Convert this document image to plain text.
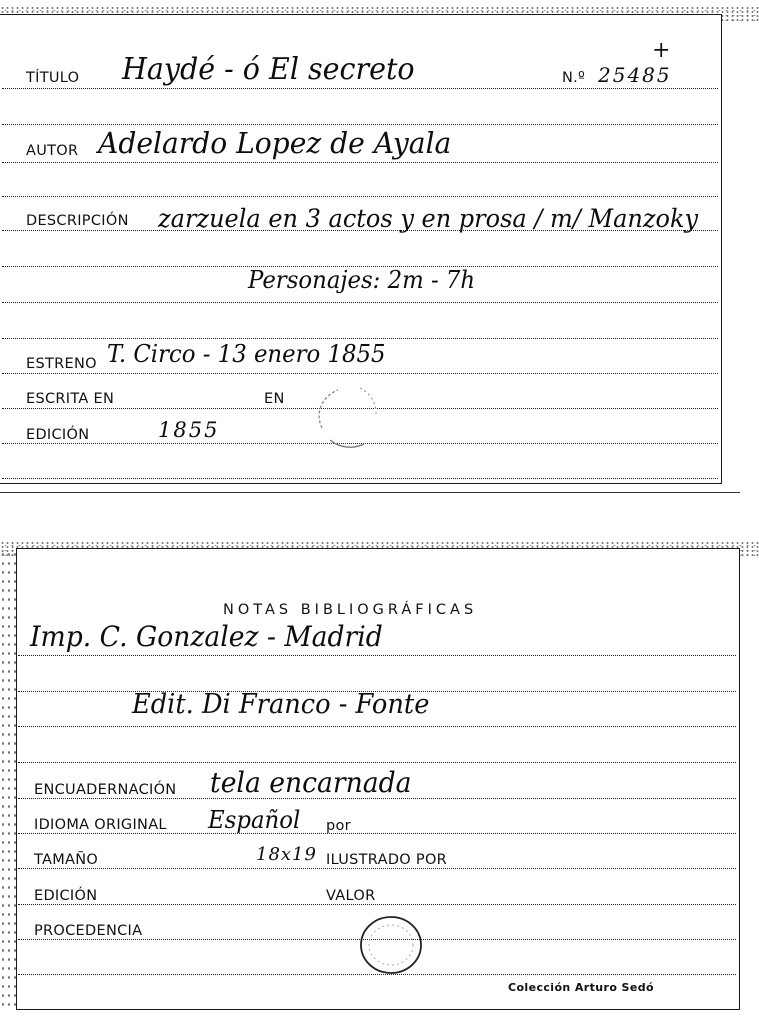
TÍTULO Haydé - ó El secreto	N.º 25485
+
AUTOR Adelardo Lopez de Ayala
DESCRIPCIÓN zarzuela en 3 actos y en prosa / m/ Manzoky
Personajes: 2m - 7h
ESTRENO T. Circo - 13 enero 1855
ESCRITA EN	EN
EDICIÓN	1855
NOTAS BIBLIOGRÁFICAS
Imp. C. Gonzalez - Madrid
Edit. Di Franco - Fonte
ENCUADERNACIÓN tela encarnada
IDIOMA ORIGINAL Español por
TAMAÑO	18x19 ILUSTRADO POR
EDICIÓN	VALOR
PROCEDENCIA
Colección Arturo Sedó
